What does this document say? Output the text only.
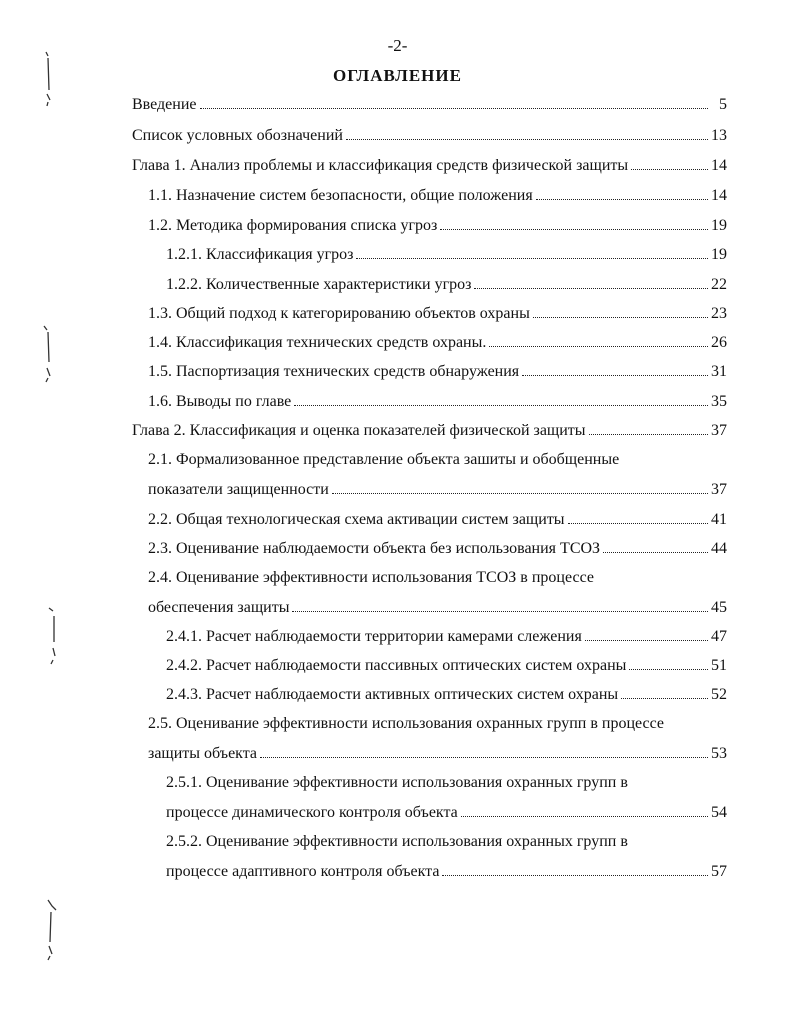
-2-
ОГЛАВЛЕНИЕ
Введение	5
Список условных обозначений	13
Глава 1. Анализ проблемы и классификация средств физической защиты	14
1.1. Назначение систем безопасности, общие положения	14
1.2. Методика формирования списка угроз	19
1.2.1. Классификация угроз	19
1.2.2. Количественные характеристики угроз	22
1.3. Общий подход к категорированию объектов охраны	23
1.4. Классификация технических средств охраны.	26
1.5. Паспортизация технических средств обнаружения	31
1.6. Выводы по главе	35
Глава 2. Классификация и оценка показателей физической защиты	37
2.1. Формализованное представление объекта зашиты и обобщенные
показатели защищенности	37
2.2. Общая технологическая схема активации систем защиты	41
2.3. Оценивание наблюдаемости объекта без использования ТСОЗ	44
2.4. Оценивание эффективности использования ТСОЗ в процессе
обеспечения защиты	45
2.4.1. Расчет наблюдаемости территории камерами слежения	47
2.4.2. Расчет наблюдаемости пассивных оптических систем охраны	51
2.4.3. Расчет наблюдаемости активных оптических систем охраны	52
2.5. Оценивание эффективности использования охранных групп в процессе
защиты объекта	53
2.5.1. Оценивание эффективности использования охранных групп в
процессе динамического контроля объекта	54
2.5.2. Оценивание эффективности использования охранных групп в
процессе адаптивного контроля объекта	57
